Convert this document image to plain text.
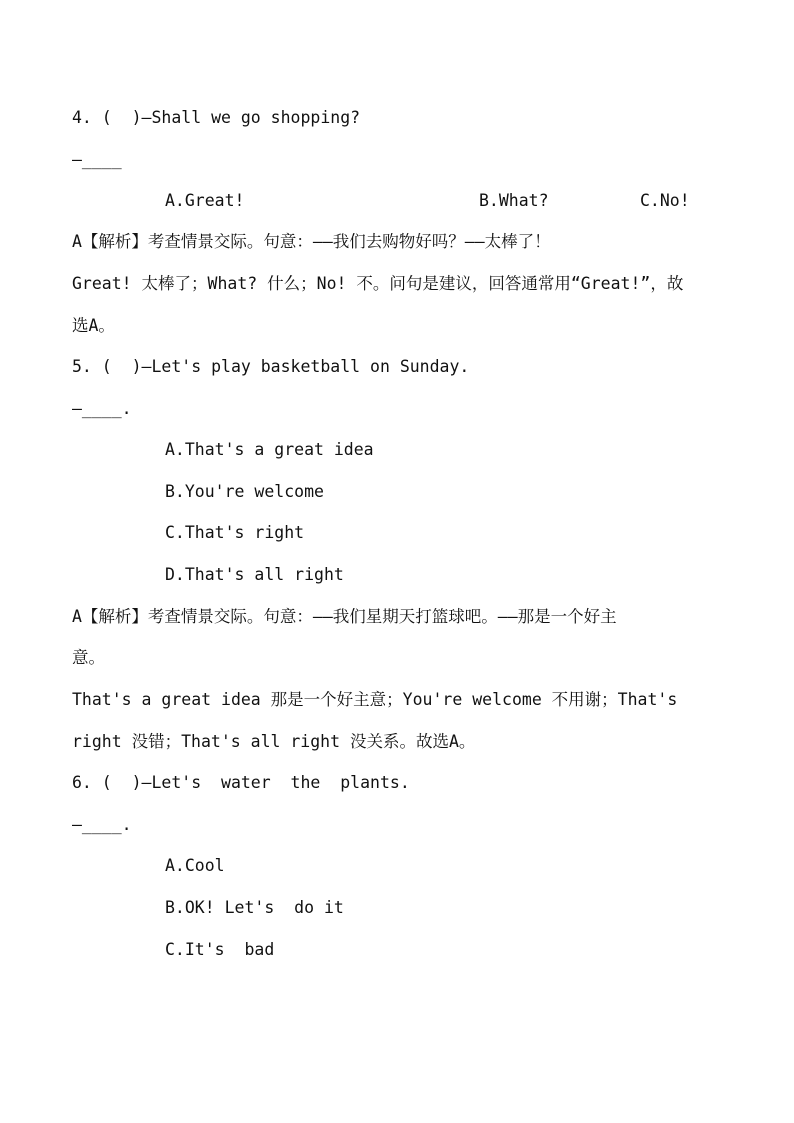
4. (  )—Shall we go shopping?
—____
A.Great!	B.What?	C.No!
A【解析】考查情景交际。句意：——我们去购物好吗？——太棒了！
Great! 太棒了；What? 什么；No! 不。问句是建议，回答通常用“Great!”，故
选A。
5. (  )—Let's play basketball on Sunday.
—____.
A.That's a great idea
B.You're welcome
C.That's right
D.That's all right
A【解析】考查情景交际。句意：——我们星期天打篮球吧。——那是一个好主
意。
That's a great idea 那是一个好主意；You're welcome 不用谢；That's
right 没错；That's all right 没关系。故选A。
6. (  )—Let's  water  the  plants.
—____.
A.Cool
B.OK! Let's  do it
C.It's  bad
